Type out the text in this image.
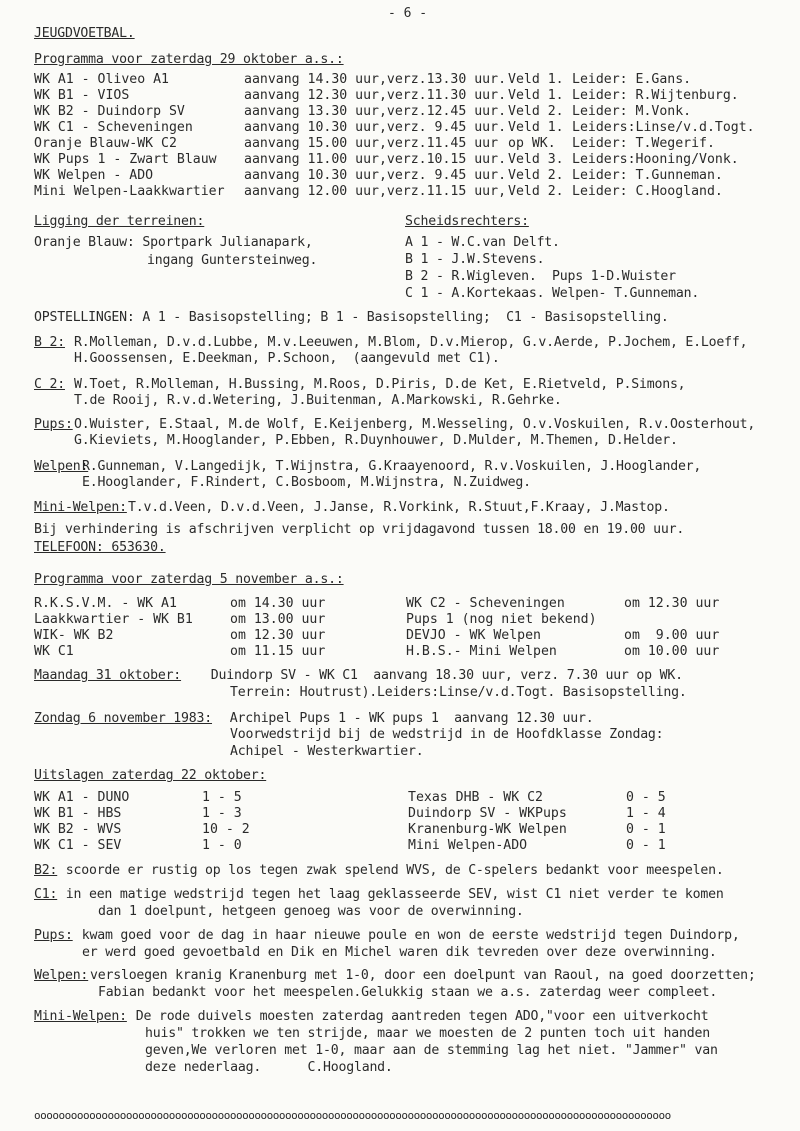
- 6 -
JEUGDVOETBAL.
Programma voor zaterdag 29 oktober a.s.:
WK A1 - Oliveo A1	aanvang 14.30 uur,verz.13.30 uur.	Veld 1.	Leider: E.Gans.
WK B1 - VIOS	aanvang 12.30 uur,verz.11.30 uur.	Veld 1.	Leider: R.Wijtenburg.
WK B2 - Duindorp SV	aanvang 13.30 uur,verz.12.45 uur.	Veld 2.	Leider: M.Vonk.
WK C1 - Scheveningen	aanvang 10.30 uur,verz. 9.45 uur.	Veld 1.	Leiders:Linse/v.d.Togt.
Oranje Blauw-WK C2	aanvang 15.00 uur,verz.11.45 uur	op WK.	Leider: T.Wegerif.
WK Pups 1 - Zwart Blauw	aanvang 11.00 uur,verz.10.15 uur.	Veld 3.	Leiders:Hooning/Vonk.
WK Welpen - ADO	aanvang 10.30 uur,verz. 9.45 uur.	Veld 2.	Leider: T.Gunneman.
Mini Welpen-Laakkwartier	aanvang 12.00 uur,verz.11.15 uur,	Veld 2.	Leider: C.Hoogland.
Ligging der terreinen:
Oranje Blauw: Sportpark Julianapark,
ingang Guntersteinweg.
Scheidsrechters:
A 1 - W.C.van Delft.
B 1 - J.W.Stevens.
B 2 - R.Wigleven.  Pups 1-D.Wuister
C 1 - A.Kortekaas. Welpen- T.Gunneman.
OPSTELLINGEN: A 1 - Basisopstelling; B 1 - Basisopstelling;  C1 - Basisopstelling.
B 2: R.Molleman, D.v.d.Lubbe, M.v.Leeuwen, M.Blom, D.v.Mierop, G.v.Aerde, P.Jochem, E.Loeff,
H.Goossensen, E.Deekman, P.Schoon,  (aangevuld met C1).
C 2: W.Toet, R.Molleman, H.Bussing, M.Roos, D.Piris, D.de Ket, E.Rietveld, P.Simons,
T.de Rooij, R.v.d.Wetering, J.Buitenman, A.Markowski, R.Gehrke.
Pups: O.Wuister, E.Staal, M.de Wolf, E.Keijenberg, M.Wesseling, O.v.Voskuilen, R.v.Oosterhout,
G.Kieviets, M.Hooglander, P.Ebben, R.Duynhouwer, D.Mulder, M.Themen, D.Helder.
Welpen:
R.Gunneman, V.Langedijk, T.Wijnstra, G.Kraayenoord, R.v.Voskuilen, J.Hooglander,
E.Hooglander, F.Rindert, C.Bosboom, M.Wijnstra, N.Zuidweg.
Mini-Welpen: T.v.d.Veen, D.v.d.Veen, J.Janse, R.Vorkink, R.Stuut,F.Kraay, J.Mastop.
Bij verhindering is afschrijven verplicht op vrijdagavond tussen 18.00 en 19.00 uur.
TELEFOON: 653630.
Programma voor zaterdag 5 november a.s.:
R.K.S.V.M. - WK A1	om 14.30 uur	WK C2 - Scheveningen	om 12.30 uur
Laakkwartier - WK B1	om 13.00 uur	Pups 1 (nog niet bekend)	
WIK- WK B2	om 12.30 uur	DEVJO - WK Welpen	om  9.00 uur
WK C1	om 11.15 uur	H.B.S.- Mini Welpen	om 10.00 uur
Maandag 31 oktober: Duindorp SV - WK C1  aanvang 18.30 uur, verz. 7.30 uur op WK.
Terrein: Houtrust).Leiders:Linse/v.d.Togt. Basisopstelling.
Zondag 6 november 1983: Archipel Pups 1 - WK pups 1  aanvang 12.30 uur.
Voorwedstrijd bij de wedstrijd in de Hoofdklasse Zondag:
Achipel - Westerkwartier.
Uitslagen zaterdag 22 oktober:
WK A1 - DUNO	1 - 5	Texas DHB - WK C2	0 - 5
WK B1 - HBS	1 - 3	Duindorp SV - WKPups	1 - 4
WK B2 - WVS	10 - 2	Kranenburg-WK Welpen	0 - 1
WK C1 - SEV	1 - 0	Mini Welpen-ADO	0 - 1
B2: scoorde er rustig op los tegen zwak spelend WVS, de C-spelers bedankt voor meespelen.
C1: in een matige wedstrijd tegen het laag geklasseerde SEV, wist C1 niet verder te komen
dan 1 doelpunt, hetgeen genoeg was voor de overwinning.
Pups: kwam goed voor de dag in haar nieuwe poule en won de eerste wedstrijd tegen Duindorp,
er werd goed gevoetbald en Dik en Michel waren dik tevreden over deze overwinning.
Welpen: versloegen kranig Kranenburg met 1-0, door een doelpunt van Raoul, na goed doorzetten;
Fabian bedankt voor het meespelen.Gelukkig staan we a.s. zaterdag weer compleet.
Mini-Welpen: De rode duivels moesten zaterdag aantreden tegen ADO,"voor een uitverkocht
huis" trokken we ten strijde, maar we moesten de 2 punten toch uit handen
geven,We verloren met 1-0, maar aan de stemming lag het niet. "Jammer" van
deze nederlaag.      C.Hoogland.
oooooooooooooooooooooooooooooooooooooooooooooooooooooooooooooooooooooooooooooooooooooooooooooooooooooooo
